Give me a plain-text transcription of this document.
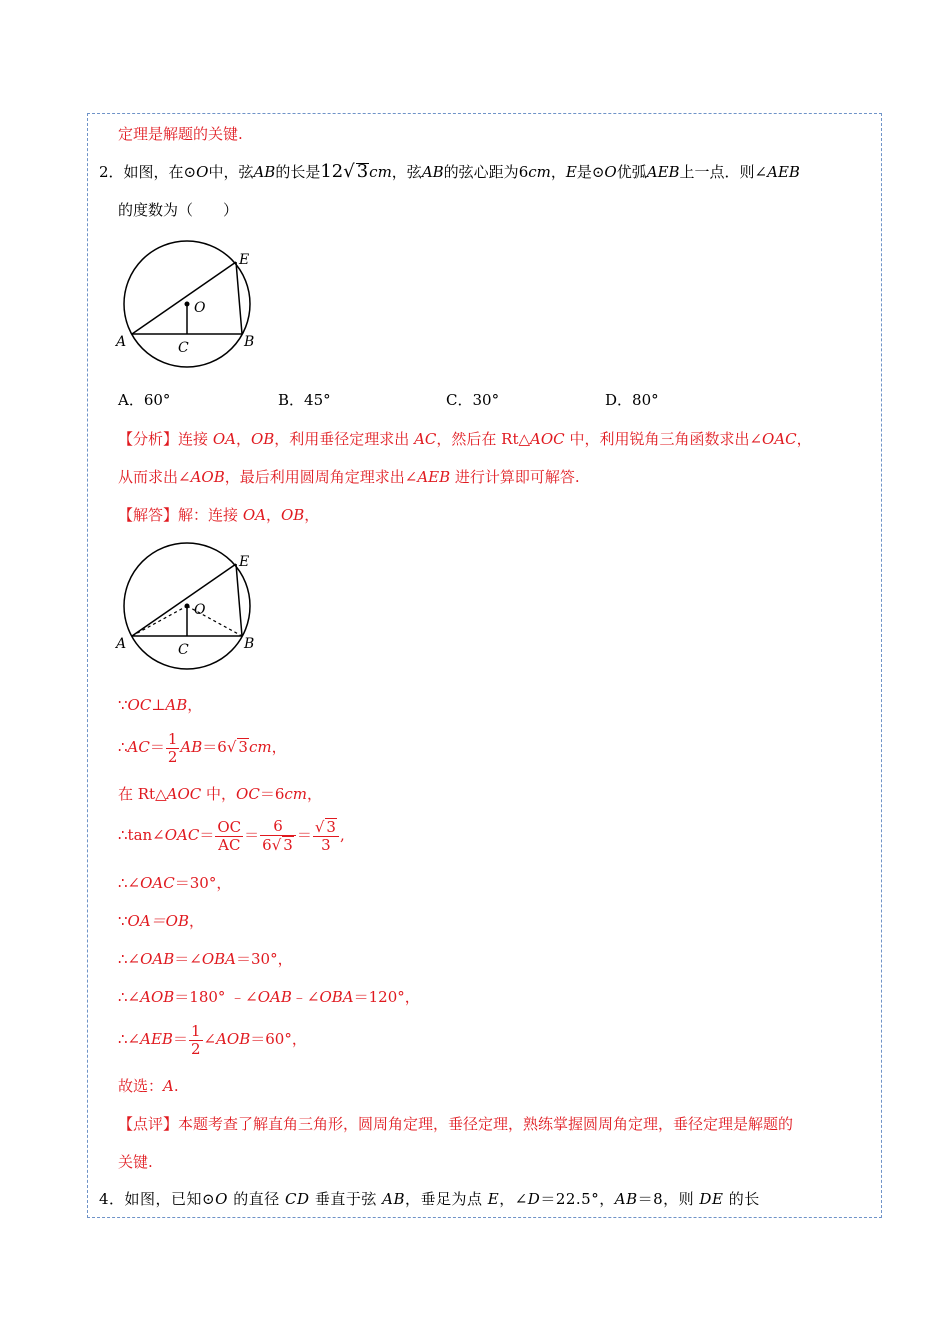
定理是解题的关键.
2．如图，在⊙O中，弦AB的长是12√ 3cm，弦AB的弦心距为6cm，E是⊙O优弧AEB上一点．则∠AEB
的度数为（　　）
A	B
C
E
O
A．60°	B．45°	C．30°	D．80°
【分析】连接 OA，OB，利用垂径定理求出 AC，然后在 Rt△AOC 中，利用锐角三角函数求出∠OAC，
从而求出∠AOB，最后利用圆周角定理求出∠AEB 进行计算即可解答.
【解答】解：连接 OA，OB，
A	B
C
E
O
∵OC⊥AB，
∴AC＝ $\frac{1}{2} AB=6√$ 3cm，
在 Rt△AOC 中，OC＝6cm，
∴tan∠OAC＝ $\frac{OC}{AC} = \frac{6}{6√ 3} = \frac{√ 3}{3}$ ,
∴∠OAC＝30°，
∵OA＝OB，
∴∠OAB＝∠OBA＝30°，
∴∠AOB＝180° ﹣∠OAB﹣∠OBA＝120°，
∴∠AEB＝ $\frac{1}{2}$ ∠AOB＝60°，
故选：A.
【点评】本题考查了解直角三角形，圆周角定理，垂径定理，熟练掌握圆周角定理，垂径定理是解题的
关键.
4．如图，已知⊙O 的直径 CD 垂直于弦 AB，垂足为点 E，∠D＝22.5°，AB＝8，则 DE 的长
